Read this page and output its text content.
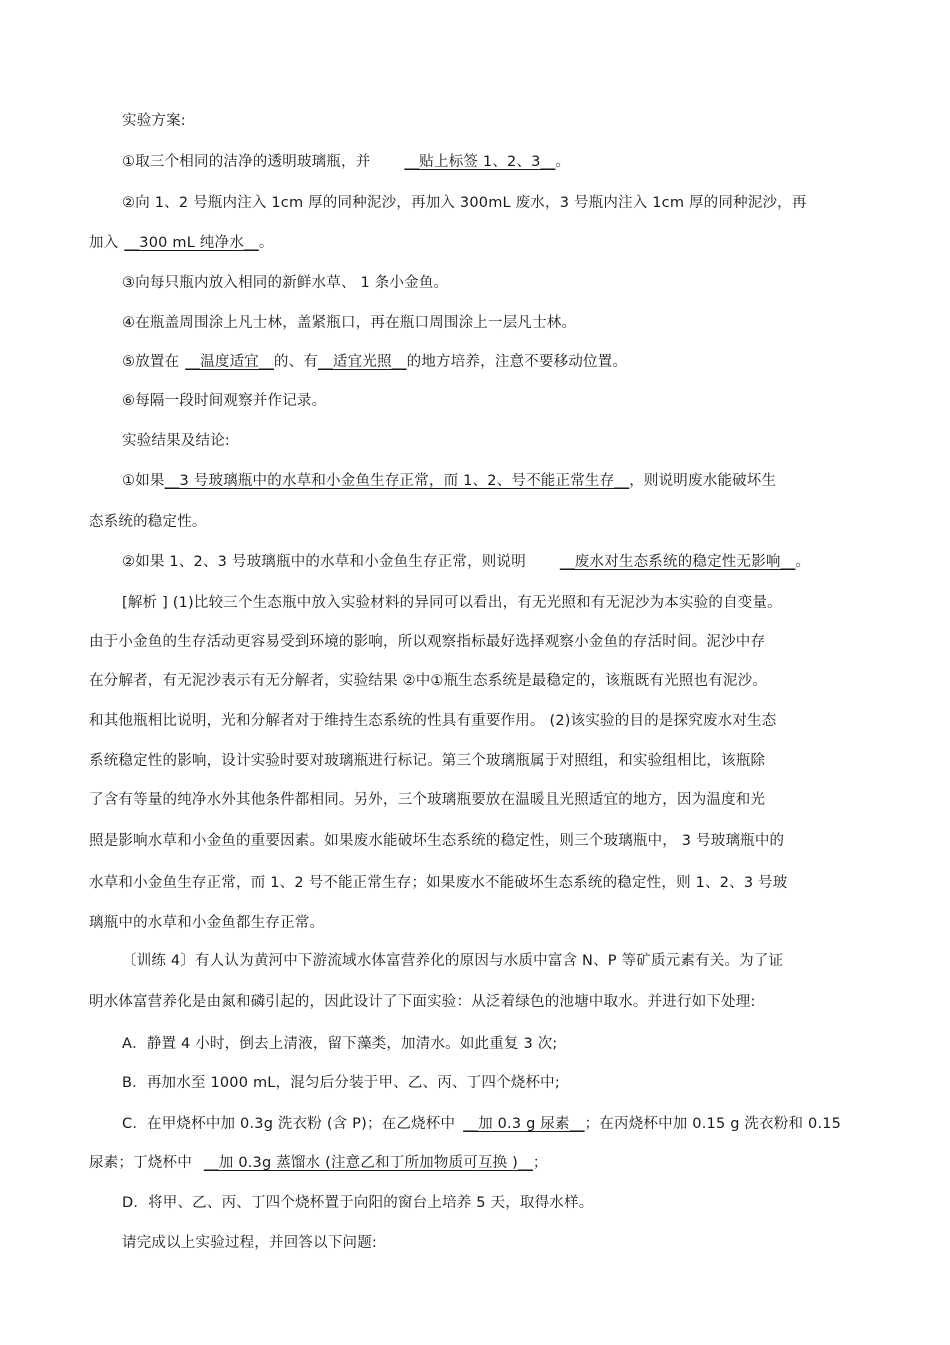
实验方案:
①取三个相同的洁净的透明玻璃瓶，并 __贴上标签 1、2、3__。
②向 1、2 号瓶内注入 1cm 厚的同种泥沙，再加入 300mL 废水，3 号瓶内注入 1cm 厚的同种泥沙，再
加入 __300 mL 纯净水__。
③向每只瓶内放入相同的新鲜水草、 1 条小金鱼。
④在瓶盖周围涂上凡士林，盖紧瓶口，再在瓶口周围涂上一层凡士林。
⑤放置在 __温度适宜__的、有__适宜光照__的地方培养，注意不要移动位置。
⑥每隔一段时间观察并作记录。
实验结果及结论:
①如果__3 号玻璃瓶中的水草和小金鱼生存正常，而 1、2、号不能正常生存__，则说明废水能破坏生
态系统的稳定性。
②如果 1、2、3 号玻璃瓶中的水草和小金鱼生存正常，则说明 __废水对生态系统的稳定性无影响__。
[解析 ] (1)比较三个生态瓶中放入实验材料的异同可以看出，有无光照和有无泥沙为本实验的自变量。
由于小金鱼的生存活动更容易受到环境的影响，所以观察指标最好选择观察小金鱼的存活时间。泥沙中存
在分解者，有无泥沙表示有无分解者，实验结果 ②中①瓶生态系统是最稳定的，该瓶既有光照也有泥沙。
和其他瓶相比说明，光和分解者对于维持生态系统的性具有重要作用。 (2)该实验的目的是探究废水对生态
系统稳定性的影响，设计实验时要对玻璃瓶进行标记。第三个玻璃瓶属于对照组，和实验组相比，该瓶除
了含有等量的纯净水外其他条件都相同。另外，三个玻璃瓶要放在温暖且光照适宜的地方，因为温度和光
照是影响水草和小金鱼的重要因素。如果废水能破坏生态系统的稳定性，则三个玻璃瓶中， 3 号玻璃瓶中的
水草和小金鱼生存正常，而 1、2 号不能正常生存；如果废水不能破坏生态系统的稳定性，则 1、2、3 号玻
璃瓶中的水草和小金鱼都生存正常。
〔训练 4〕有人认为黄河中下游流域水体富营养化的原因与水质中富含 N、P 等矿质元素有关。为了证
明水体富营养化是由氮和磷引起的，因此设计了下面实验：从泛着绿色的池塘中取水。并进行如下处理:
A．静置 4 小时，倒去上清液，留下藻类，加清水。如此重复 3 次;
B．再加水至 1000 mL，混匀后分装于甲、乙、丙、丁四个烧杯中;
C．在甲烧杯中加 0.3g 洗衣粉 (含 P)；在乙烧杯中 __加 0.3 g 尿素__；在丙烧杯中加 0.15 g 洗衣粉和 0.15
尿素；丁烧杯中 __加 0.3g 蒸馏水 (注意乙和丁所加物质可互换 )__；
D．将甲、乙、丙、丁四个烧杯置于向阳的窗台上培养 5 天，取得水样。
请完成以上实验过程，并回答以下问题:
